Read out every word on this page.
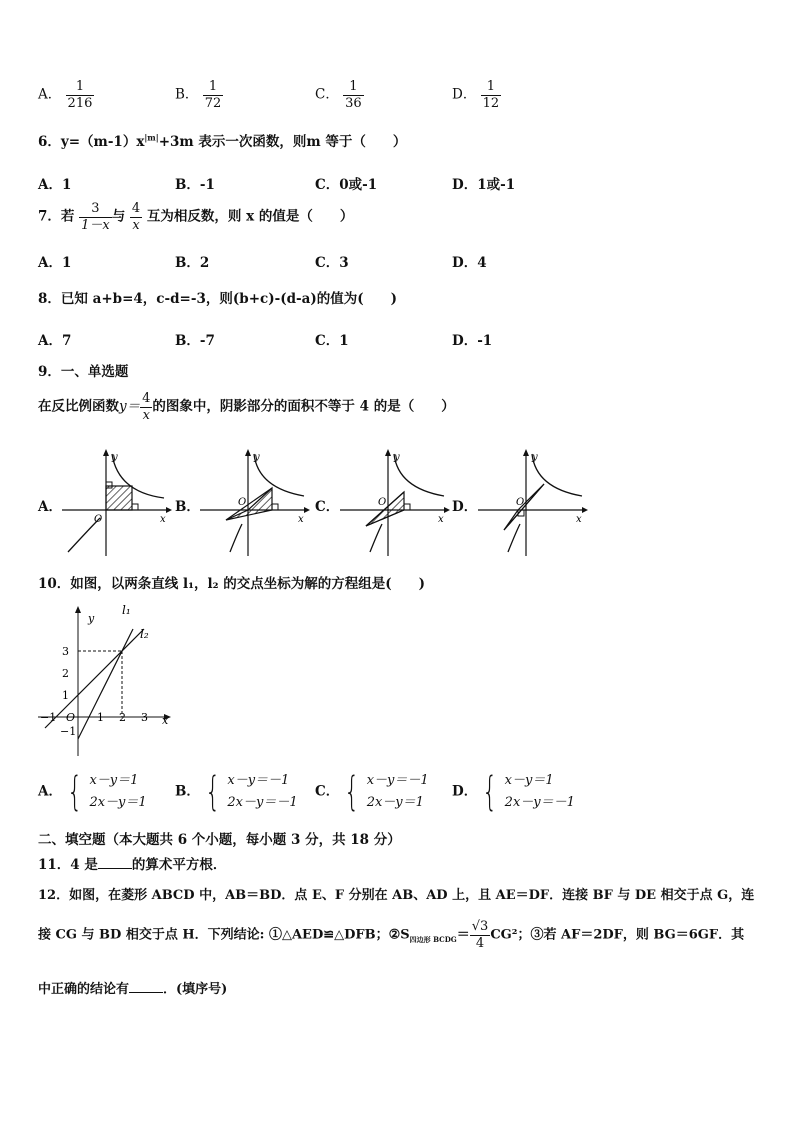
A． $\frac{1}{216}$	B． $\frac{1}{72}$	C． $\frac{1}{36}$	D． $\frac{1}{12}$
6．$y=(m-1)x^{|m|}+3m$ 表示一次函数，则m 等于（　　）
A．1	B．-1	C．0或-1	D．1或-1
7．若 $\frac{3}{1-x}$ 与 $\frac{4}{x}$ 互为相反数，则 x 的值是（　　）
A．1	B．2	C．3	D．4
8．已知 a+b=4，c-d=-3，则(b+c)-(d-a)的值为(　　)
A．7	B．-7	C．1	D．-1
9．一、单选题
在反比例函数$y= \frac{4}{x}$ 的图象中，阴影部分的面积不等于 4 的是（　　）
A．	B．	C．	D．
O	x
y
O
x
y
O
x
y
O
x
y
10．如图，以两条直线 l₁，l₂ 的交点坐标为解的方程组是(　　)
3
2
1
−1
−1	1 2 3
O	x
y
l₁
l₂
A． { x－y＝1
2x－y＝1
B． { x－y＝－1
2x－y＝－1
C． { x－y＝－1
2x－y＝1
D． { x－y＝1
2x－y＝－1
二、填空题（本大题共 6 个小题，每小题 3 分，共 18 分）
11．4 是	的算术平方根．
12．如图，在菱形 ABCD 中，AB＝BD．点 E、F 分别在 AB、AD 上，且 AE＝DF．连接 BF 与 DE 相交于点 G，连
接 CG 与 BD 相交于点 H．下列结论: ①△AED≌△DFB；$②S_{四边形 BCDG}= \frac{√3}{4} CG^2$；③若 AF＝2DF，则 BG＝6GF．其
中正确的结论有	．(填序号)
